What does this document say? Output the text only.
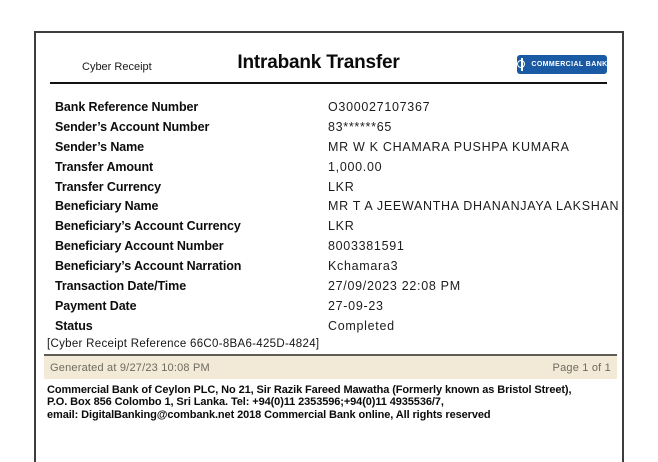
Cyber Receipt	Intrabank Transfer	COMMERCIAL BANK
Bank Reference Number	O300027107367
Sender’s Account Number	83******65
Sender’s Name	MR W K CHAMARA PUSHPA KUMARA
Transfer Amount	1,000.00
Transfer Currency	LKR
Beneficiary Name	MR T A JEEWANTHA DHANANJAYA LAKSHAN
Beneficiary’s Account Currency	LKR
Beneficiary Account Number	8003381591
Beneficiary’s Account Narration	Kchamara3
Transaction Date/Time	27/09/2023 22:08 PM
Payment Date	27-09-23
Status	Completed
[Cyber Receipt Reference 66C0-8BA6-425D-4824]
Generated at 9/27/23 10:08 PM	Page 1 of 1
Commercial Bank of Ceylon PLC, No 21, Sir Razik Fareed Mawatha (Formerly known as Bristol Street),
P.O. Box 856 Colombo 1, Sri Lanka. Tel: +94(0)11 2353596;+94(0)11 4935536/7,
email: DigitalBanking@combank.net 2018 Commercial Bank online, All rights reserved
